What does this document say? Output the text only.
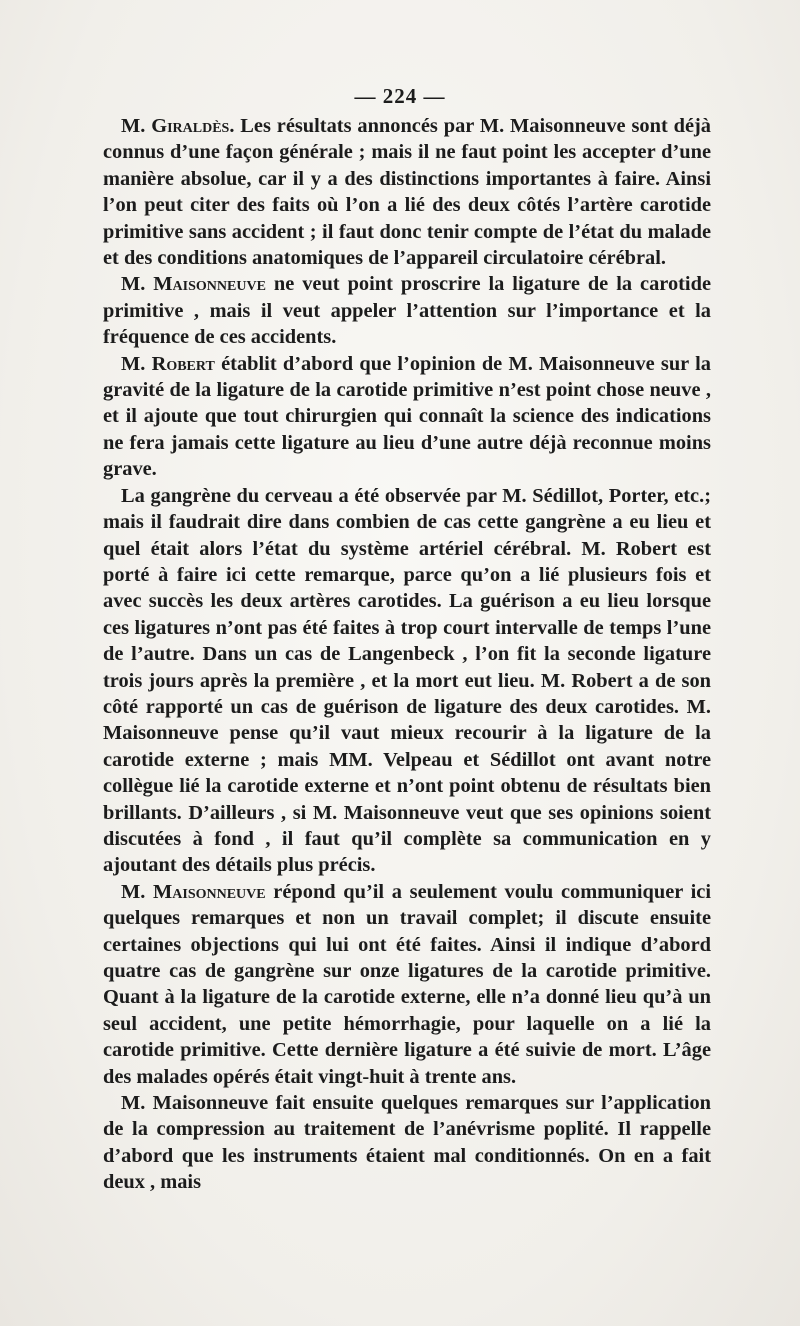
— 224 —

M. Giraldès. Les résultats annoncés par M. Maisonneuve sont déjà connus d’une façon générale ; mais il ne faut point les accepter d’une manière absolue, car il y a des distinctions importantes à faire. Ainsi l’on peut citer des faits où l’on a lié des deux côtés l’artère carotide primitive sans accident ; il faut donc tenir compte de l’état du malade et des conditions anatomiques de l’appareil circulatoire cérébral.

M. Maisonneuve ne veut point proscrire la ligature de la carotide primitive , mais il veut appeler l’attention sur l’importance et la fréquence de ces accidents.

M. Robert établit d’abord que l’opinion de M. Maisonneuve sur la gravité de la ligature de la carotide primitive n’est point chose neuve , et il ajoute que tout chirurgien qui connaît la science des indications ne fera jamais cette ligature au lieu d’une autre déjà reconnue moins grave.

La gangrène du cerveau a été observée par M. Sédillot, Porter, etc.; mais il faudrait dire dans combien de cas cette gangrène a eu lieu et quel était alors l’état du système artériel cérébral. M. Robert est porté à faire ici cette remarque, parce qu’on a lié plusieurs fois et avec succès les deux artères carotides. La guérison a eu lieu lorsque ces ligatures n’ont pas été faites à trop court intervalle de temps l’une de l’autre. Dans un cas de Langenbeck , l’on fit la seconde ligature trois jours après la première , et la mort eut lieu. M. Robert a de son côté rapporté un cas de guérison de ligature des deux carotides. M. Maisonneuve pense qu’il vaut mieux recourir à la ligature de la carotide externe ; mais MM. Velpeau et Sédillot ont avant notre collègue lié la carotide externe et n’ont point obtenu de résultats bien brillants. D’ailleurs , si M. Maisonneuve veut que ses opinions soient discutées à fond , il faut qu’il complète sa communication en y ajoutant des détails plus précis.

M. Maisonneuve répond qu’il a seulement voulu communiquer ici quelques remarques et non un travail complet; il discute ensuite certaines objections qui lui ont été faites. Ainsi il indique d’abord quatre cas de gangrène sur onze ligatures de la carotide primitive. Quant à la ligature de la carotide externe, elle n’a donné lieu qu’à un seul accident, une petite hémorrhagie, pour laquelle on a lié la carotide primitive. Cette dernière ligature a été suivie de mort. L’âge des malades opérés était vingt-huit à trente ans.

M. Maisonneuve fait ensuite quelques remarques sur l’application de la compression au traitement de l’anévrisme poplité. Il rappelle d’abord que les instruments étaient mal conditionnés. On en a fait deux , mais
